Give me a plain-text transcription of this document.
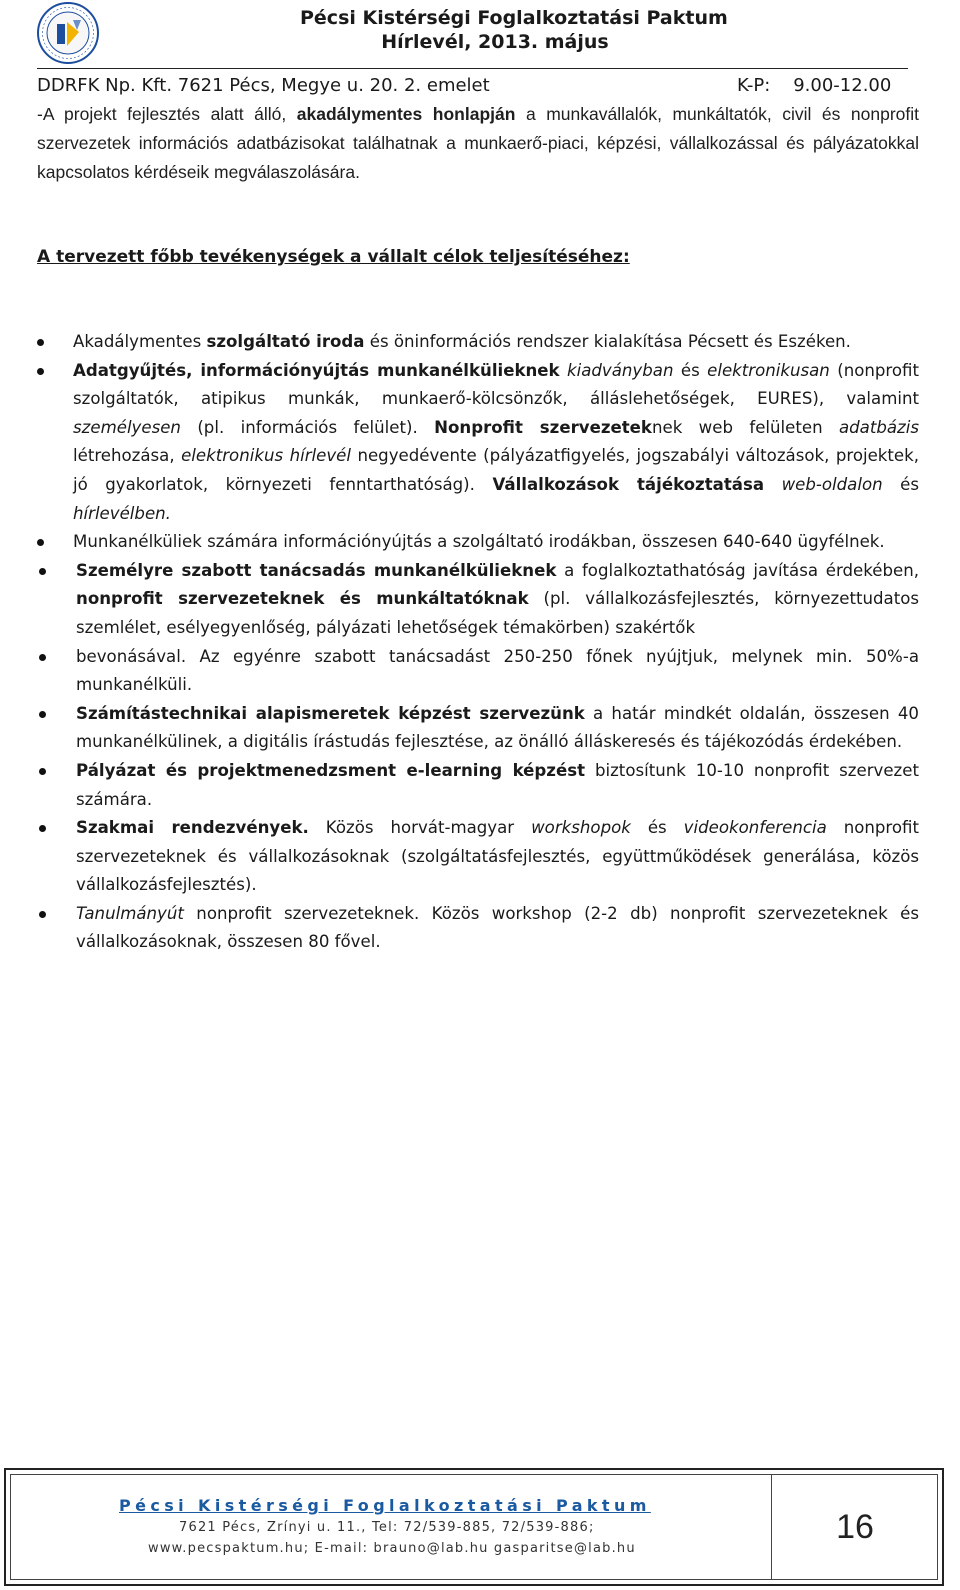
Pécsi Kistérségi Foglalkoztatási Paktum
Hírlevél, 2013. május
DDRFK Np. Kft. 7621 Pécs, Megye u. 20. 2. emelet	K-P: 9.00-12.00

-A projekt fejlesztés alatt álló, akadálymentes honlapján a munkavállalók, munkáltatók, civil és nonprofit szervezetek információs adatbázisokat találhatnak a munkaerő-piaci, képzési, vállalkozással és pályázatokkal kapcsolatos kérdéseik megválaszolására.

A tervezett főbb tevékenységek a vállalt célok teljesítéséhez:
Akadálymentes szolgáltató iroda és öninformációs rendszer kialakítása Pécsett és Eszéken.
Adatgyűjtés, információnyújtás munkanélkülieknek kiadványban és elektronikusan (nonprofit szolgáltatók, atipikus munkák, munkaerő-kölcsönzők, álláslehetőségek, EURES), valamint személyesen (pl. információs felület). Nonprofit szervezeteknek web felületen adatbázis létrehozása, elektronikus hírlevél negyedévente (pályázatfigyelés, jogszabályi változások, projektek, jó gyakorlatok, környezeti fenntarthatóság). Vállalkozások tájékoztatása web-oldalon és hírlevélben.
Munkanélküliek számára információnyújtás a szolgáltató irodákban, összesen 640-640 ügyfélnek.
Személyre szabott tanácsadás munkanélkülieknek a foglalkoztathatóság javítása érdekében, nonprofit szervezeteknek és munkáltatóknak (pl. vállalkozásfejlesztés, környezettudatos szemlélet, esélyegyenlőség, pályázati lehetőségek témakörben) szakértők
bevonásával. Az egyénre szabott tanácsadást 250-250 főnek nyújtjuk, melynek min. 50%-a munkanélküli.
Számítástechnikai alapismeretek képzést szervezünk a határ mindkét oldalán, összesen 40 munkanélkülinek, a digitális írástudás fejlesztése, az önálló álláskeresés és tájékozódás érdekében.
Pályázat és projektmenedzsment e-learning képzést biztosítunk 10-10 nonprofit szervezet számára.
Szakmai rendezvények. Közös horvát-magyar workshopok és videokonferencia nonprofit szervezeteknek és vállalkozásoknak (szolgáltatásfejlesztés, együttműködések generálása, közös vállalkozásfejlesztés).
Tanulmányút nonprofit szervezeteknek. Közös workshop (2-2 db) nonprofit szervezeteknek és vállalkozásoknak, összesen 80 fővel.
Pécsi Kistérségi Foglalkoztatási Paktum
7621 Pécs, Zrínyi u. 11., Tel: 72/539-885, 72/539-886;
www.pecspaktum.hu; E-mail: brauno@lab.hu gasparitse@lab.hu
16
